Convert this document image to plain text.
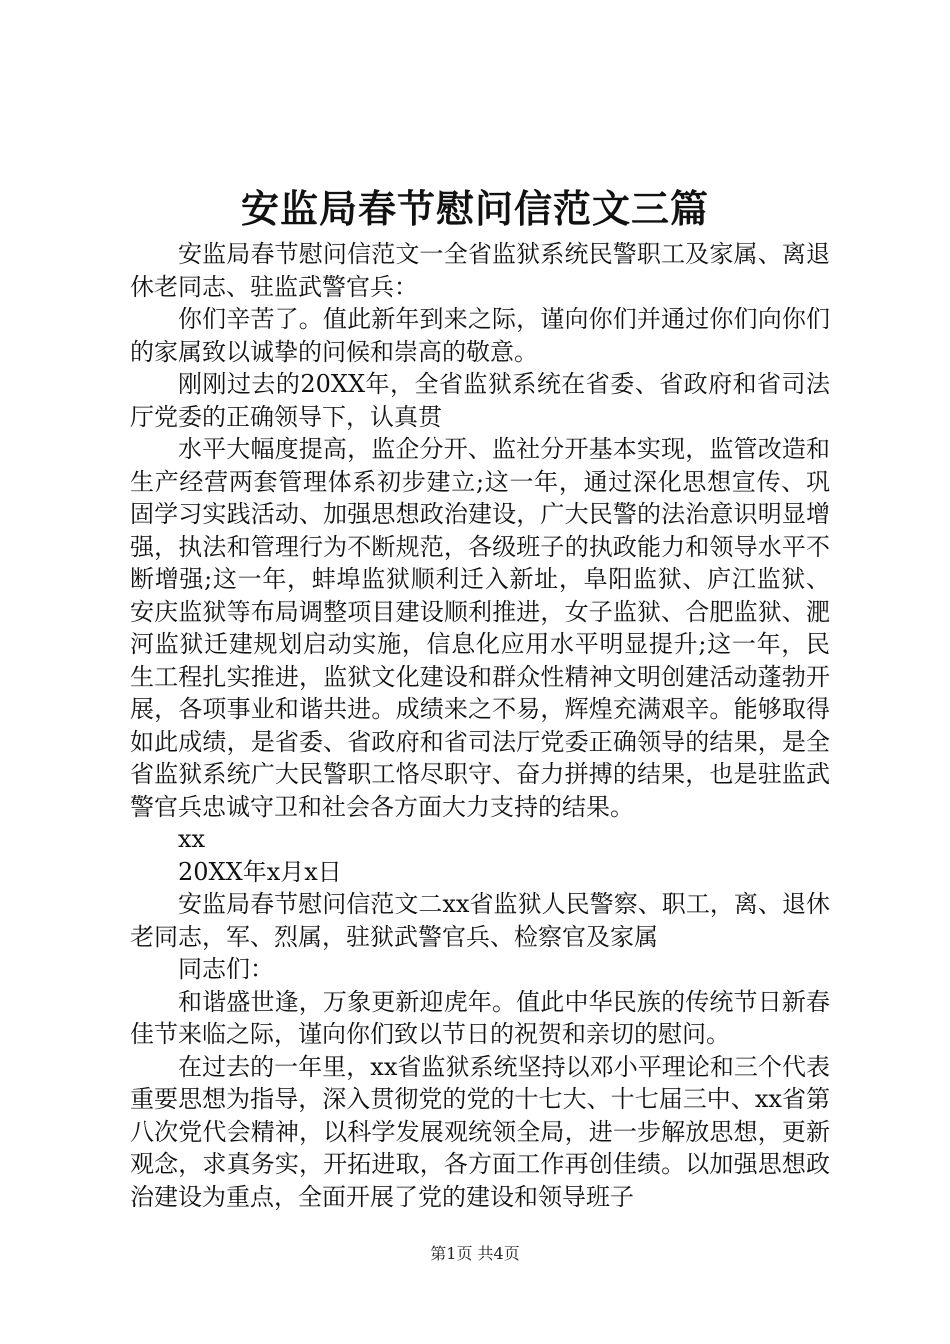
安监局春节慰问信范文三篇

安监局春节慰问信范文一全省监狱系统民警职工及家属、离退休老同志、驻监武警官兵：

你们辛苦了。值此新年到来之际，谨向你们并通过你们向你们的家属致以诚挚的问候和崇高的敬意。

刚刚过去的20XX年，全省监狱系统在省委、省政府和省司法厅党委的正确领导下，认真贯

水平大幅度提高，监企分开、监社分开基本实现，监管改造和生产经营两套管理体系初步建立;这一年，通过深化思想宣传、巩固学习实践活动、加强思想政治建设，广大民警的法治意识明显增强，执法和管理行为不断规范，各级班子的执政能力和领导水平不断增强;这一年，蚌埠监狱顺利迁入新址，阜阳监狱、庐江监狱、安庆监狱等布局调整项目建设顺利推进，女子监狱、合肥监狱、淝河监狱迁建规划启动实施，信息化应用水平明显提升;这一年，民生工程扎实推进，监狱文化建设和群众性精神文明创建活动蓬勃开展，各项事业和谐共进。成绩来之不易，辉煌充满艰辛。能够取得如此成绩，是省委、省政府和省司法厅党委正确领导的结果，是全省监狱系统广大民警职工恪尽职守、奋力拼搏的结果，也是驻监武警官兵忠诚守卫和社会各方面大力支持的结果。

xx

20XX年x月x日

安监局春节慰问信范文二xx省监狱人民警察、职工，离、退休老同志，军、烈属，驻狱武警官兵、检察官及家属

同志们：

和谐盛世逢，万象更新迎虎年。值此中华民族的传统节日新春佳节来临之际，谨向你们致以节日的祝贺和亲切的慰问。

在过去的一年里，xx省监狱系统坚持以邓小平理论和三个代表重要思想为指导，深入贯彻党的党的十七大、十七届三中、xx省第八次党代会精神，以科学发展观统领全局，进一步解放思想，更新观念，求真务实，开拓进取，各方面工作再创佳绩。以加强思想政治建设为重点，全面开展了党的建设和领导班子

第1页 共4页
